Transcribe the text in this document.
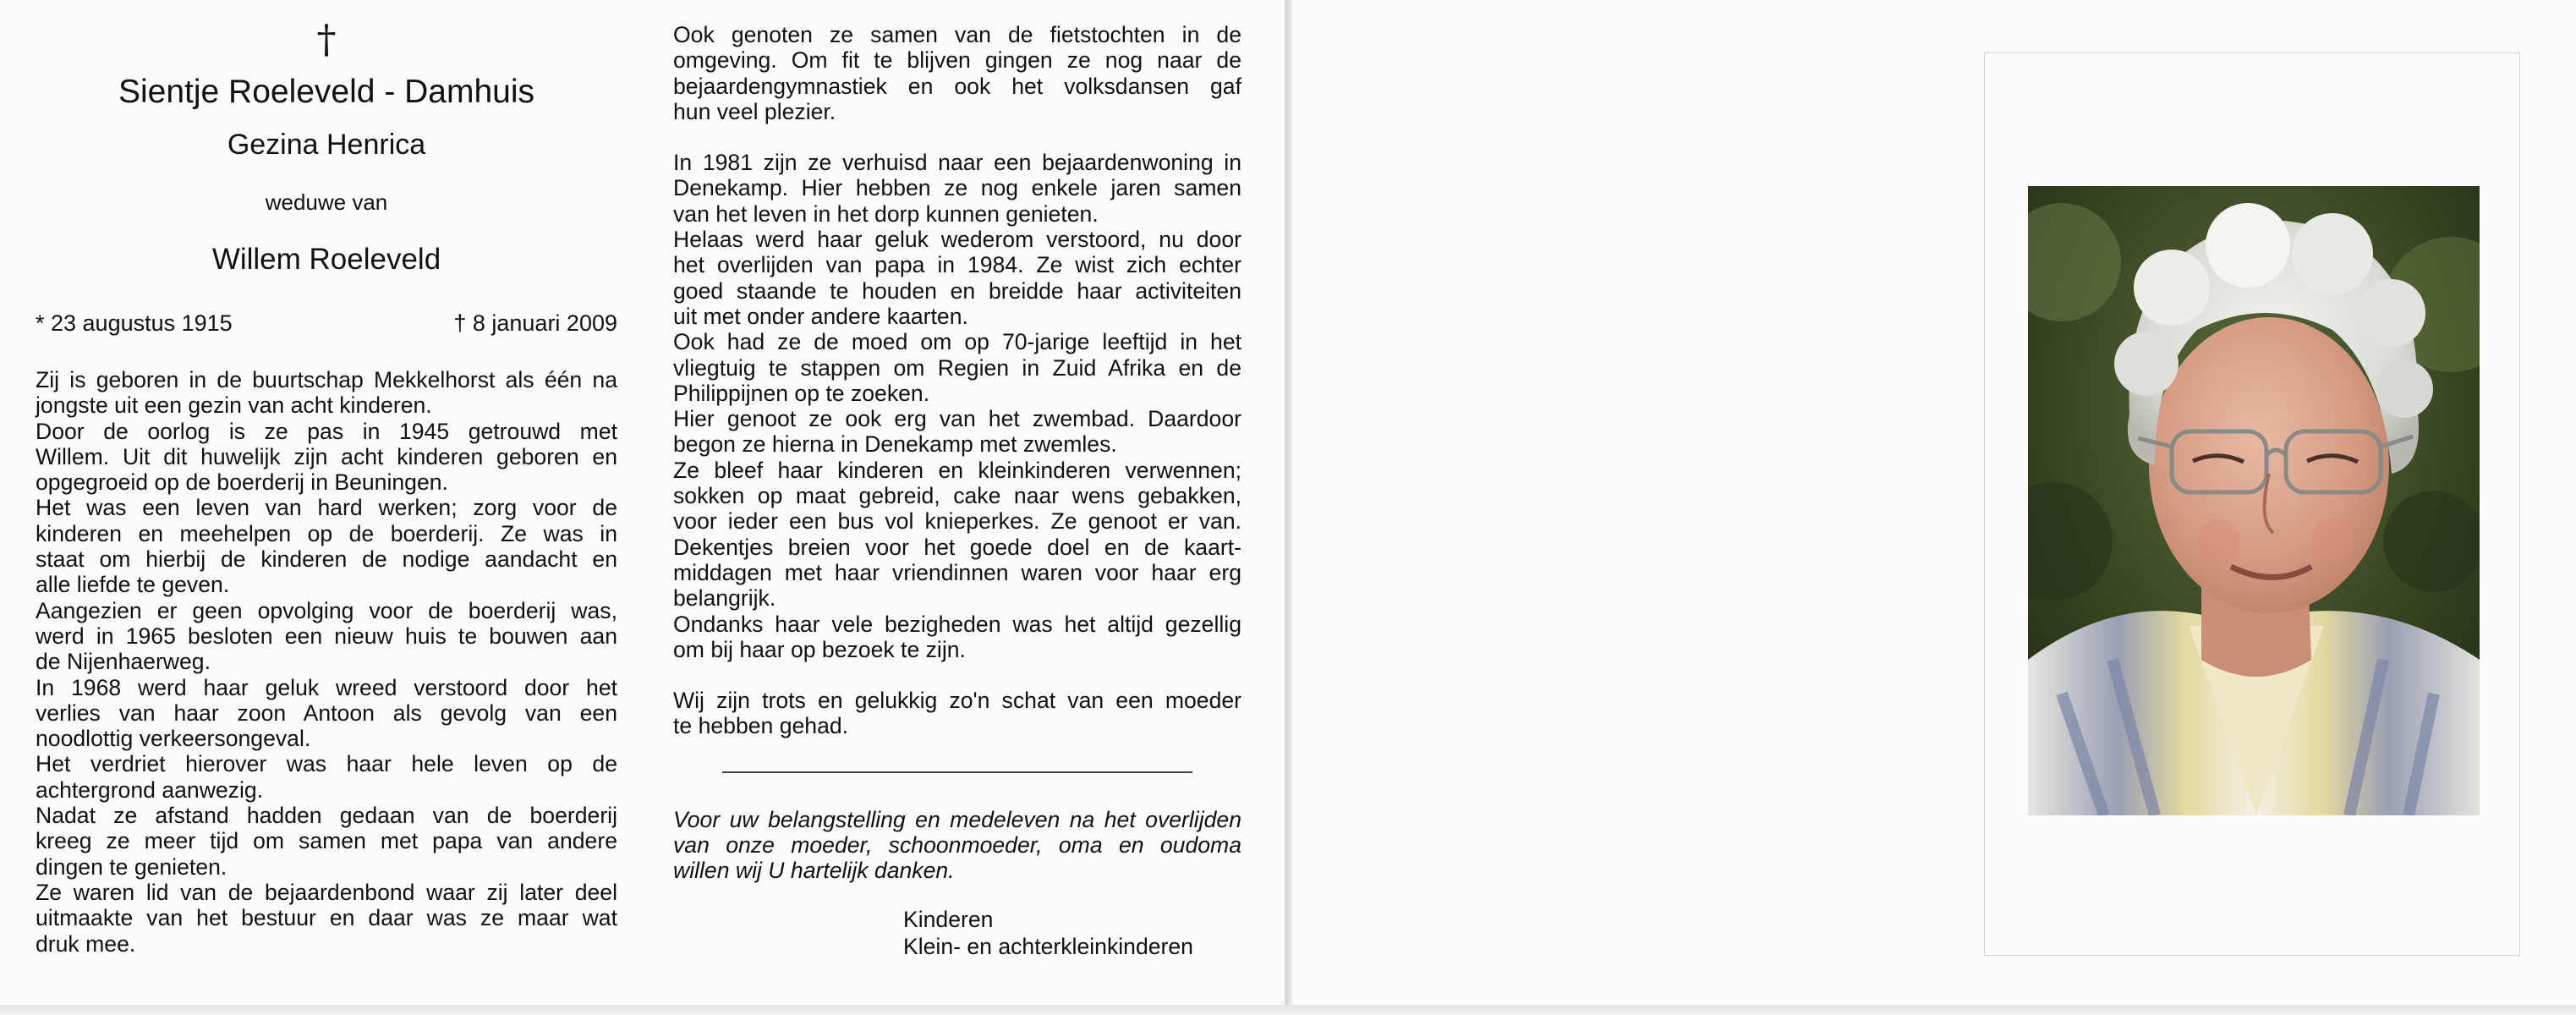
†
Sientje Roeleveld - Damhuis
Gezina Henrica
weduwe van
Willem Roeleveld
* 23 augustus 1915	† 8 januari 2009
Zij is geboren in de buurtschap Mekkelhorst als één na
jongste uit een gezin van acht kinderen.
Door de oorlog is ze pas in 1945 getrouwd met
Willem. Uit dit huwelijk zijn acht kinderen geboren en
opgegroeid op de boerderij in Beuningen.
Het was een leven van hard werken; zorg voor de
kinderen en meehelpen op de boerderij. Ze was in
staat om hierbij de kinderen de nodige aandacht en
alle liefde te geven.
Aangezien er geen opvolging voor de boerderij was,
werd in 1965 besloten een nieuw huis te bouwen aan
de Nijenhaerweg.
In 1968 werd haar geluk wreed verstoord door het
verlies van haar zoon Antoon als gevolg van een
noodlottig verkeersongeval.
Het verdriet hierover was haar hele leven op de
achtergrond aanwezig.
Nadat ze afstand hadden gedaan van de boerderij
kreeg ze meer tijd om samen met papa van andere
dingen te genieten.
Ze waren lid van de bejaardenbond waar zij later deel
uitmaakte van het bestuur en daar was ze maar wat
druk mee.
Ook genoten ze samen van de fietstochten in de
omgeving. Om fit te blijven gingen ze nog naar de
bejaardengymnastiek en ook het volksdansen gaf
hun veel plezier.
In 1981 zijn ze verhuisd naar een bejaardenwoning in
Denekamp. Hier hebben ze nog enkele jaren samen
van het leven in het dorp kunnen genieten.
Helaas werd haar geluk wederom verstoord, nu door
het overlijden van papa in 1984. Ze wist zich echter
goed staande te houden en breidde haar activiteiten
uit met onder andere kaarten.
Ook had ze de moed om op 70-jarige leeftijd in het
vliegtuig te stappen om Regien in Zuid Afrika en de
Philippijnen op te zoeken.
Hier genoot ze ook erg van het zwembad. Daardoor
begon ze hierna in Denekamp met zwemles.
Ze bleef haar kinderen en kleinkinderen verwennen;
sokken op maat gebreid, cake naar wens gebakken,
voor ieder een bus vol knieperkes. Ze genoot er van.
Dekentjes breien voor het goede doel en de kaart-
middagen met haar vriendinnen waren voor haar erg
belangrijk.
Ondanks haar vele bezigheden was het altijd gezellig
om bij haar op bezoek te zijn.
Wij zijn trots en gelukkig zo'n schat van een moeder
te hebben gehad.
Voor uw belangstelling en medeleven na het overlijden
van onze moeder, schoonmoeder, oma en oudoma
willen wij U hartelijk danken.
Kinderen
Klein- en achterkleinkinderen
